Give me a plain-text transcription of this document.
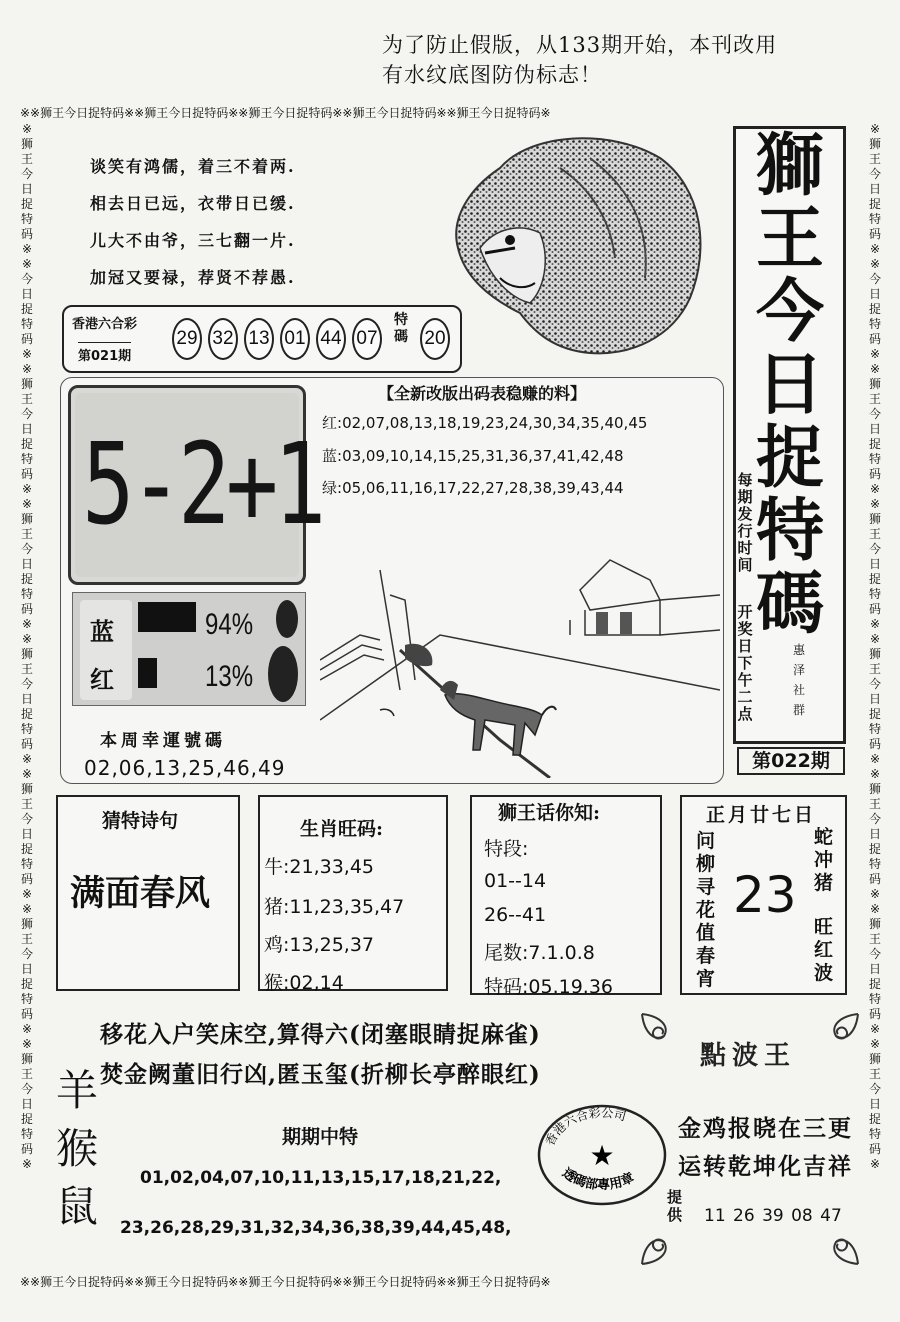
※※狮王今日捉特码※※狮王今日捉特码※※狮王今日捉特码※※狮王今日捉特码※※狮王今日捉特码※
※※狮王今日捉特码※※狮王今日捉特码※※狮王今日捉特码※※狮王今日捉特码※※狮王今日捉特码※
※
狮
王
今
日
捉
特
码
※
※
今
日
捉
特
码
※
※
狮
王
今
日
捉
特
码
※
※
狮
王
今
日
捉
特
码
※
※
狮
王
今
日
捉
特
码
※
※
狮
王
今
日
捉
特
码
※
※
狮
王
今
日
捉
特
码
※
※
狮
王
今
日
捉
特
码
※
※
狮
王
今
日
捉
特
码
※
※
今
日
捉
特
码
※
※
狮
王
今
日
捉
特
码
※
※
狮
王
今
日
捉
特
码
※
※
狮
王
今
日
捉
特
码
※
※
狮
王
今
日
捉
特
码
※
※
狮
王
今
日
捉
特
码
※
※
狮
王
今
日
捉
特
码
※
为了防止假版，从133期开始，本刊改用
有水纹底图防伪标志！
谈笑有鸿儒，着三不着两.
相去日已远，衣带日已缓.
儿大不由爷，三七翻一片.
加冠又要禄，荐贤不荐愚.
香港六合彩
第021期
29 32 13 01 44 07
特碼 20
5-2+1
蓝
红
94%
13%
本周幸運號碼
02,06,13,25,46,49
【全新改版出码表稳赚的料】
红:02,07,08,13,18,19,23,24,30,34,35,40,45
蓝:03,09,10,14,15,25,31,36,37,41,42,48
绿:05,06,11,16,17,22,27,28,38,39,43,44
獅
王
今
日
捉
特
碼
每期发行时间
开奖日下午二点
惠泽社群
第022期
猜特诗句
满面春风
生肖旺码:
牛:21,33,45
猪:11,23,35,47
鸡:13,25,37
猴:02,14
狮王话你知:
特段:
01--14
26--41
尾数:7.1.0.8
特码:05.19.36
正月廿七日
问柳寻花值春宵
23
蛇冲猪
旺红波
移花入户笑床空,算得六(闭塞眼睛捉麻雀)
焚金阙董旧行凶,匿玉玺(折柳长亭醉眼红)
羊
猴
鼠
期期中特
01,02,04,07,10,11,13,15,17,18,21,22,
23,26,28,29,31,32,34,36,38,39,44,45,48,
香港六合彩公司
透碼部專用章
★
點波王
金鸡报晓在三更
运转乾坤化吉祥
提供 11 26 39 08 47
